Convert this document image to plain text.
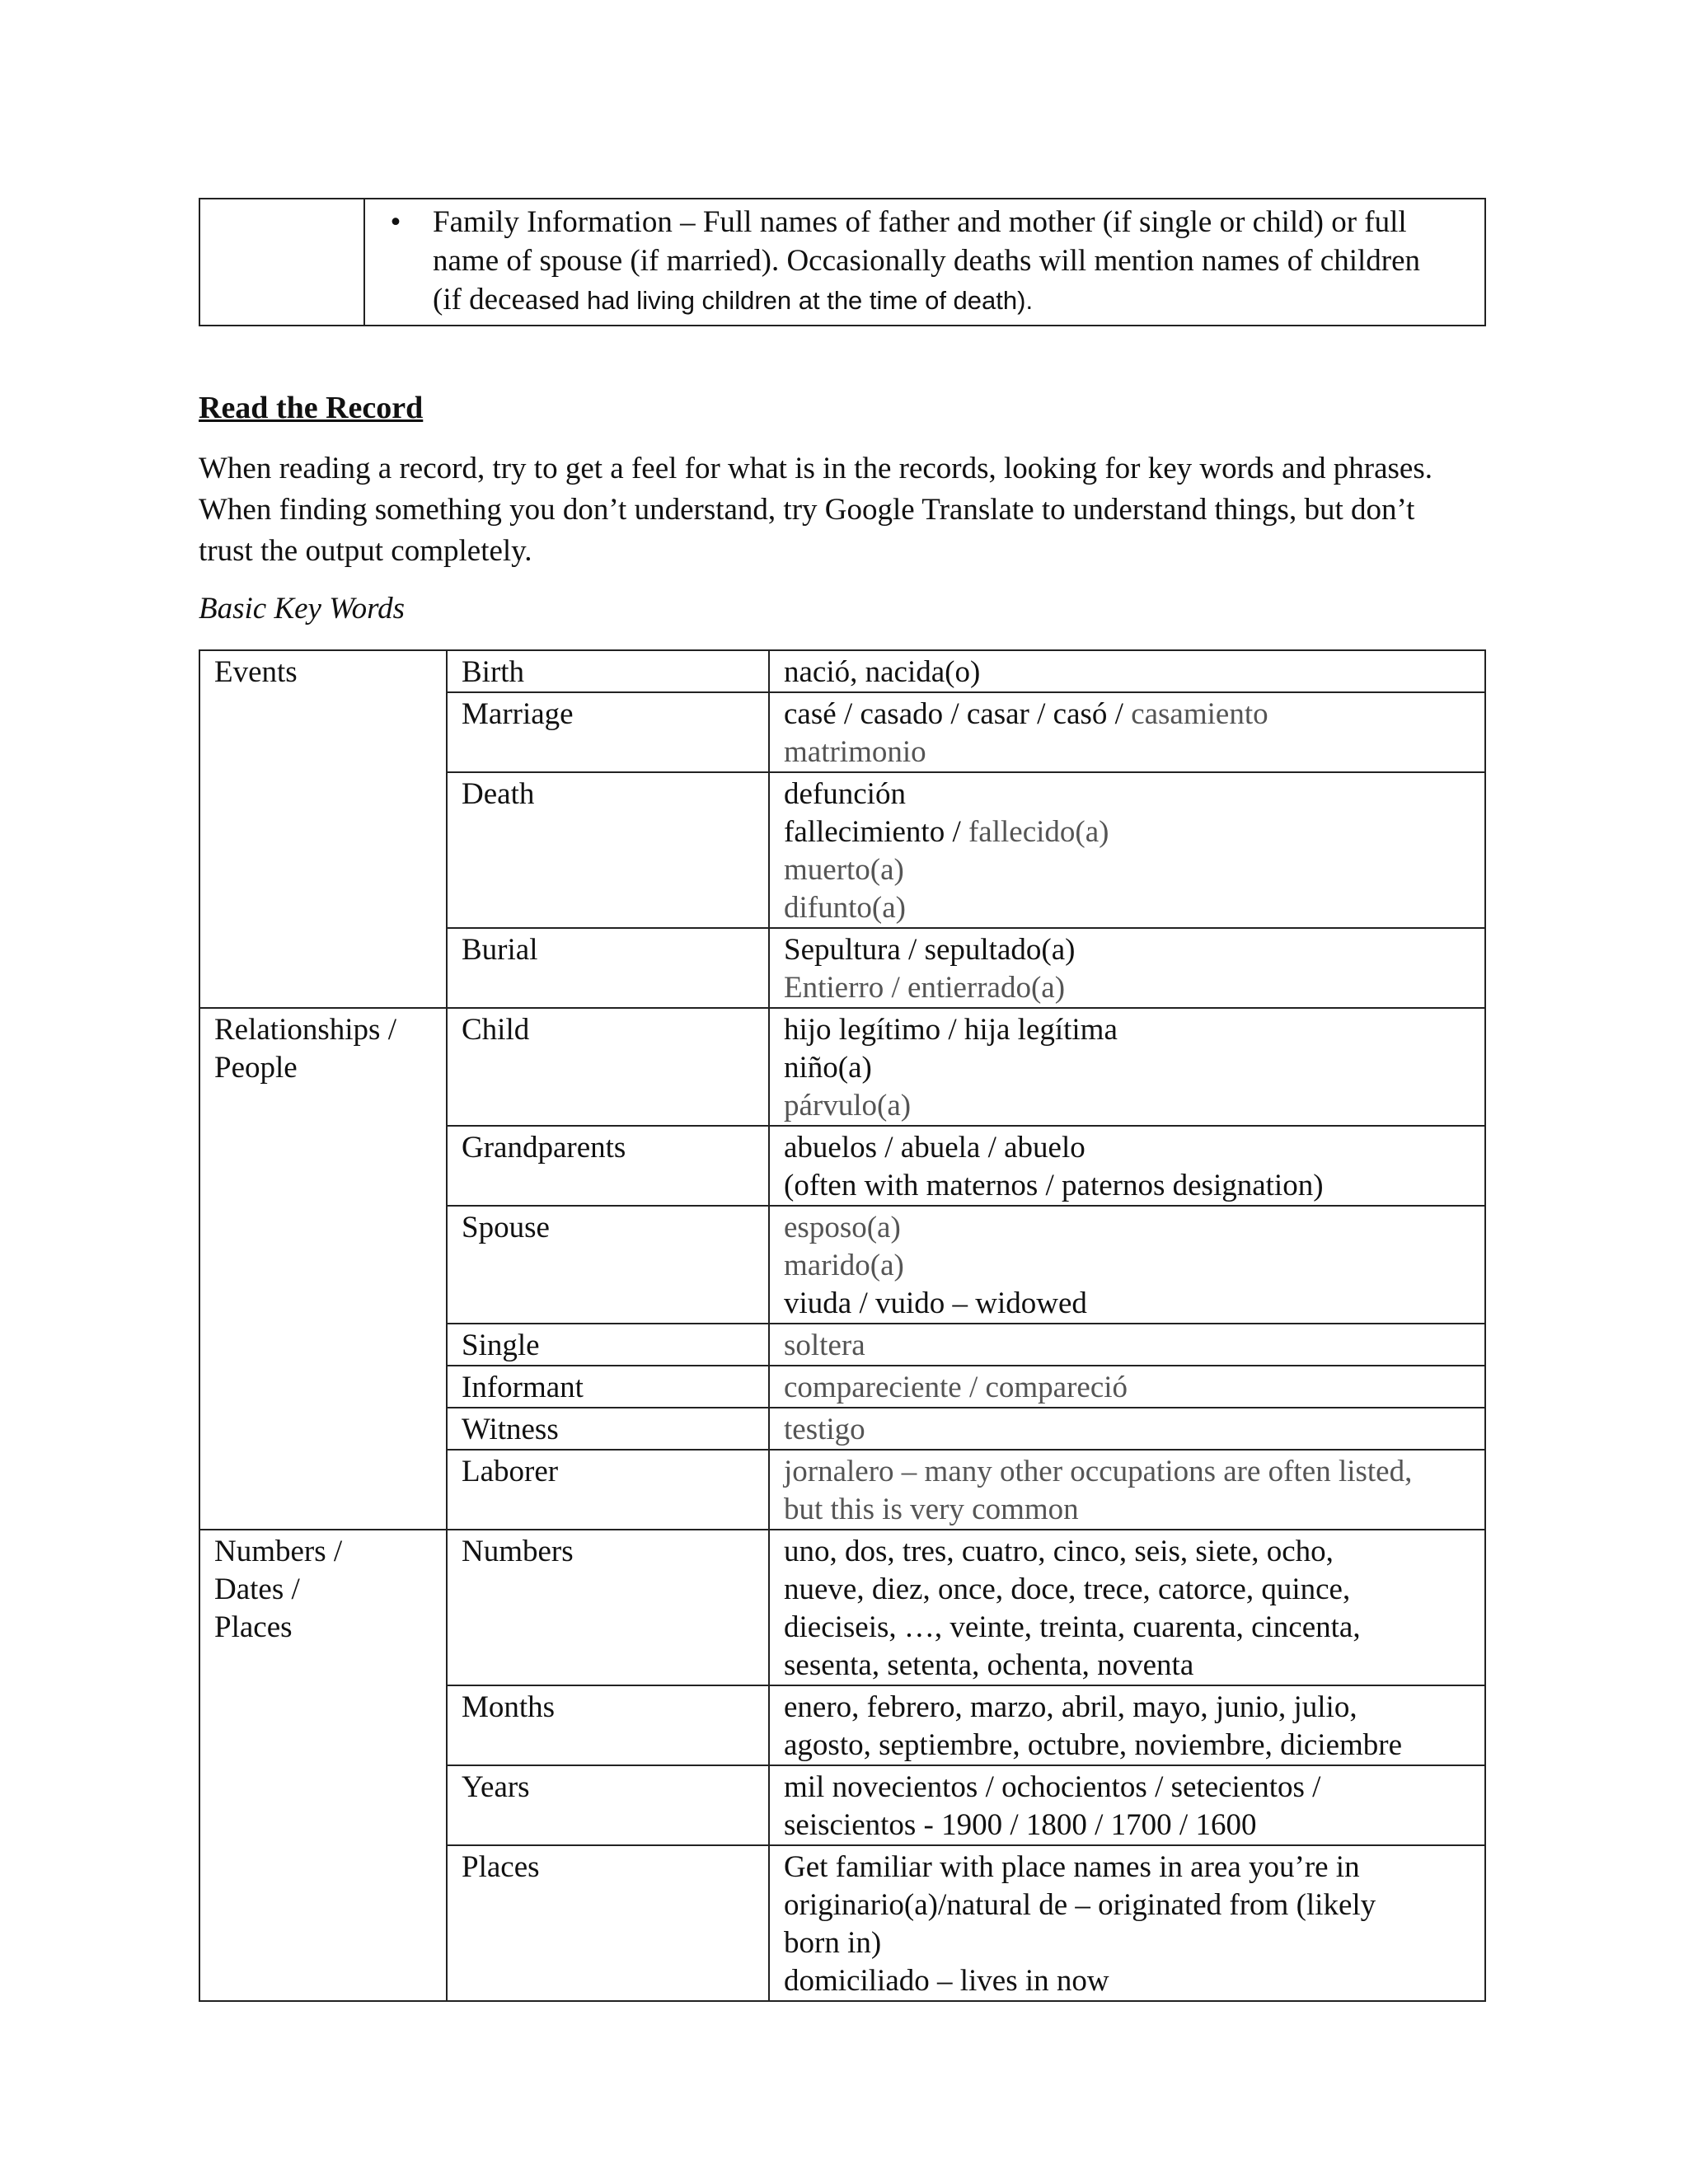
• Family Information – Full names of father and mother (if single or child) or full name of spouse (if married). Occasionally deaths will mention names of children (if deceased had living children at the time of death).
Read the Record
When reading a record, try to get a feel for what is in the records, looking for key words and phrases. When finding something you don’t understand, try Google Translate to understand things, but don’t trust the output completely.
Basic Key Words
Events	Birth	nació, nacida(o)

	Marriage	casé / casado / casar / casó / casamiento
matrimonio

	Death	defunción
fallecimiento / fallecido(a)
muerto(a)
difunto(a)

	Burial	Sepultura / sepultado(a)
Entierro / entierrado(a)

Relationships /
People	Child	hijo legítimo / hija legítima
niño(a)
párvulo(a)

	Grandparents	abuelos / abuela / abuelo
(often with maternos / paternos designation)

	Spouse	esposo(a)
marido(a)
viuda / vuido – widowed

	Single	soltera

	Informant	compareciente / compareció

	Witness	testigo

	Laborer	jornalero – many other occupations are often listed,
but this is very common

Numbers /
Dates /
Places	Numbers	uno, dos, tres, cuatro, cinco, seis, siete, ocho,
nueve, diez, once, doce, trece, catorce, quince,
dieciseis, …, veinte, treinta, cuarenta, cincenta,
sesenta, setenta, ochenta, noventa

	Months	enero, febrero, marzo, abril, mayo, junio, julio,
agosto, septiembre, octubre, noviembre, diciembre

	Years	mil novecientos / ochocientos / setecientos /
seiscientos - 1900 / 1800 / 1700 / 1600

	Places	Get familiar with place names in area you’re in
originario(a)/natural de – originated from (likely
born in)
domiciliado – lives in now
